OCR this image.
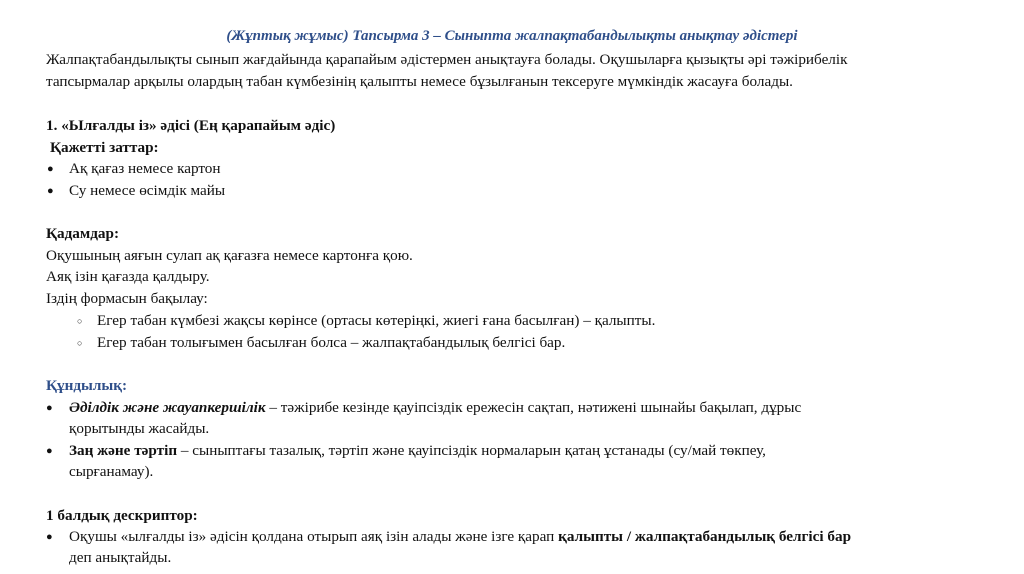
(Жұптық жұмыс) Тапсырма 3 – Сыныпта жалпақтабандылықты анықтау әдістері
Жалпақтабандылықты сынып жағдайында қарапайым әдістермен анықтауға болады. Оқушыларға қызықты әрі тәжірибелік
тапсырмалар арқылы олардың табан күмбезінің қалыпты немесе бұзылғанын тексеруге мүмкіндік жасауға болады.
1. «Ылғалды із» әдісі (Ең қарапайым әдіс)
Қажетті заттар:
● Ақ қағаз немесе картон
● Су немесе өсімдік майы
Қадамдар:
Оқушының аяғын сулап ақ қағазға немесе картонға қою.
Аяқ ізін қағазда қалдыру.
Іздің формасын бақылау:
○ Егер табан күмбезі жақсы көрінсе (ортасы көтеріңкі, жиегі ғана басылған) – қалыпты.
○ Егер табан толығымен басылған болса – жалпақтабандылық белгісі бар.
Құндылық:
● Әділдік және жауапкершілік – тәжірибе кезінде қауіпсіздік ережесін сақтап, нәтижені шынайы бақылап, дұрыс
қорытынды жасайды.
● Заң және тәртіп – сыныптағы тазалық, тәртіп және қауіпсіздік нормаларын қатаң ұстанады (су/май төкпеу,
сырғанамау).
1 балдық дескриптор:
● Оқушы «ылғалды із» әдісін қолдана отырып аяқ ізін алады және ізге қарап қалыпты / жалпақтабандылық белгісі бар
деп анықтайды.
